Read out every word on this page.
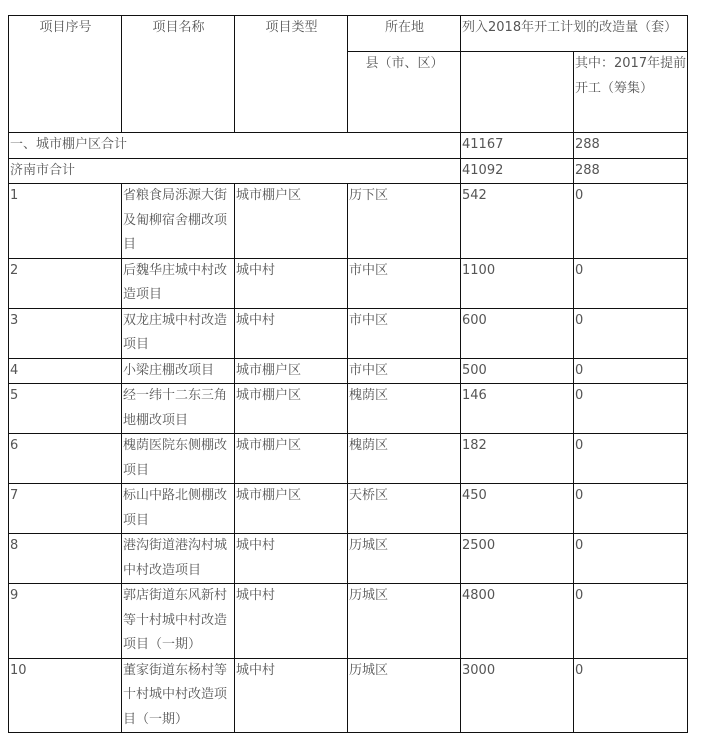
项目序号	项目名称	项目类型	所在地	列入2018年开工计划的改造量（套）	
			县（市、区）		其中：2017年提前开工（筹集）
一、城市棚户区合计				41167	288
济南市合计				41092	288
1	省粮食局泺源大街及匍柳宿舍棚改项目	城市棚户区	历下区	542	0
2	后魏华庄城中村改造项目	城中村	市中区	1100	0
3	双龙庄城中村改造项目	城中村	市中区	600	0
4	小梁庄棚改项目	城市棚户区	市中区	500	0
5	经一纬十二东三角地棚改项目	城市棚户区	槐荫区	146	0
6	槐荫医院东侧棚改项目	城市棚户区	槐荫区	182	0
7	标山中路北侧棚改项目	城市棚户区	天桥区	450	0
8	港沟街道港沟村城中村改造项目	城中村	历城区	2500	0
9	郭店街道东风新村等十村城中村改造项目（一期）	城中村	历城区	4800	0
10	董家街道东杨村等十村城中村改造项目（一期）	城中村	历城区	3000	0
